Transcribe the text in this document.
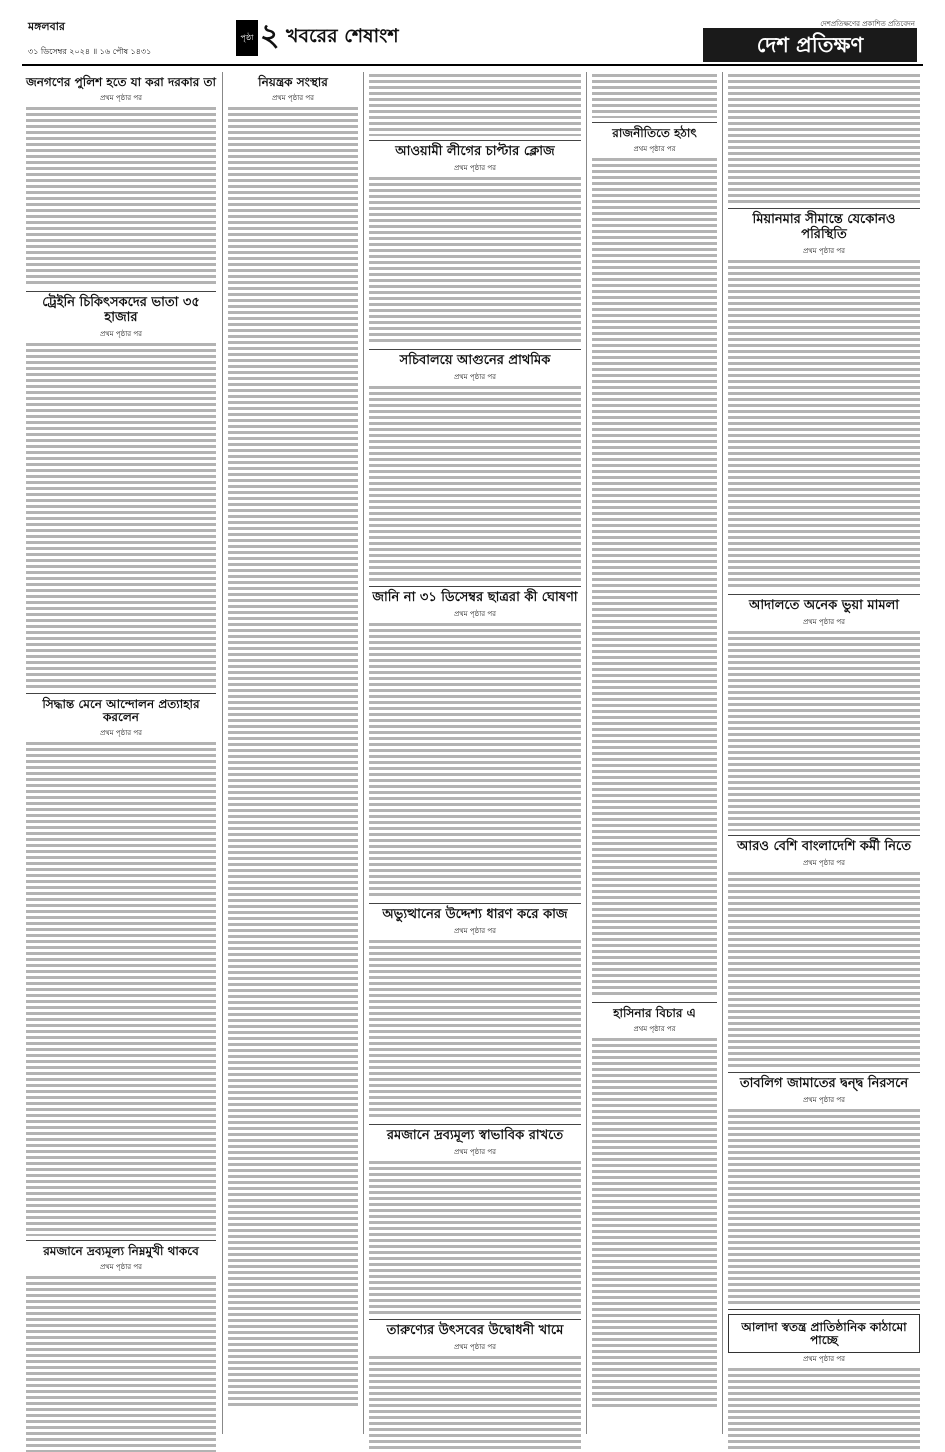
মঙ্গলবার
৩১ ডিসেম্বর ২০২৪ ॥ ১৬ পৌষ ১৪৩১
পৃষ্ঠা ২ খবরের শেষাংশ
দেশপ্রতিক্ষণের প্রকাশিত প্রতিবেদন
দেশ প্রতিক্ষণ
জনগণের পুলিশ হতে যা করা দরকার তা
প্রথম পৃষ্ঠার পর
ট্রেইনি চিকিৎসকদের ভাতা ৩৫ হাজার
প্রথম পৃষ্ঠার পর
সিদ্ধান্ত মেনে আন্দোলন প্রত্যাহার করলেন
প্রথম পৃষ্ঠার পর
রমজানে দ্রব্যমূল্য নিম্নমুখী থাকবে
প্রথম পৃষ্ঠার পর
নিয়ন্ত্রক সংস্থার
প্রথম পৃষ্ঠার পর
আওয়ামী লীগের চাপ্টার ক্লোজ
প্রথম পৃষ্ঠার পর
সচিবালয়ে আগুনের প্রাথমিক
প্রথম পৃষ্ঠার পর
জানি না ৩১ ডিসেম্বর ছাত্ররা কী ঘোষণা
প্রথম পৃষ্ঠার পর
অভ্যুত্থানের উদ্দেশ্য ধারণ করে কাজ
প্রথম পৃষ্ঠার পর
রমজানে দ্রব্যমূল্য স্বাভাবিক রাখতে
প্রথম পৃষ্ঠার পর
তারুণ্যের উৎসবের উদ্বোধনী খামে
প্রথম পৃষ্ঠার পর
রাজনীতিতে হঠাৎ
প্রথম পৃষ্ঠার পর
হাসিনার বিচার এ
প্রথম পৃষ্ঠার পর
মিয়ানমার সীমান্তে যেকোনও পরিস্থিতি
প্রথম পৃষ্ঠার পর
আদালতে অনেক ভুয়া মামলা
প্রথম পৃষ্ঠার পর
আরও বেশি বাংলাদেশি কর্মী নিতে
প্রথম পৃষ্ঠার পর
তাবলিগ জামাতের দ্বন্দ্ব নিরসনে
প্রথম পৃষ্ঠার পর
আলাদা স্বতন্ত্র প্রাতিষ্ঠানিক কাঠামো পাচ্ছে
প্রথম পৃষ্ঠার পর
